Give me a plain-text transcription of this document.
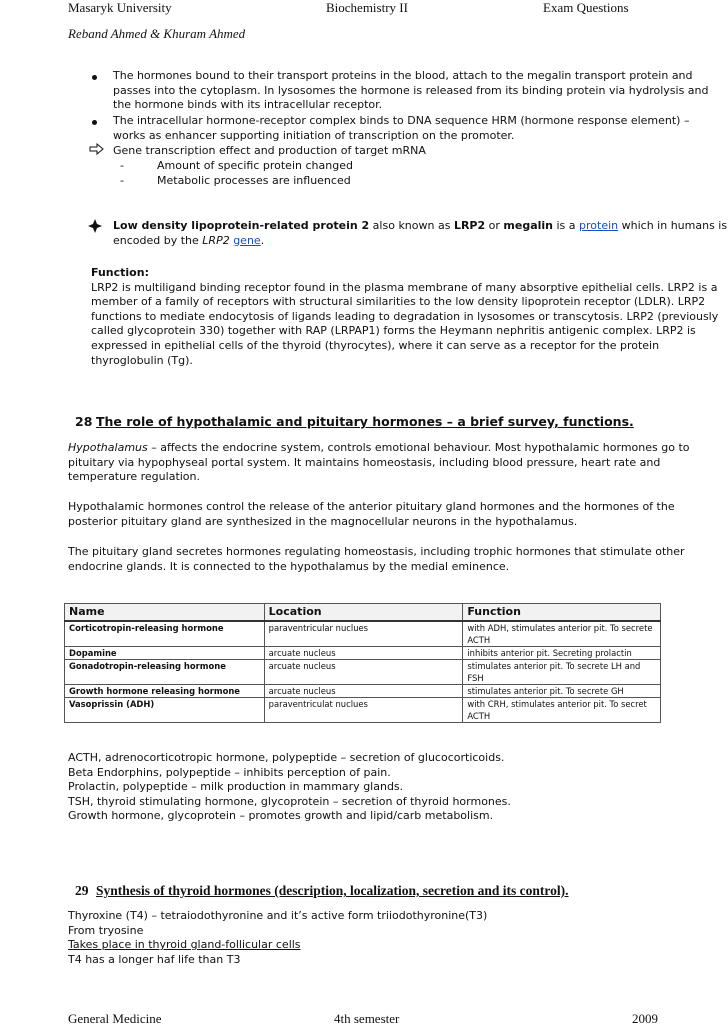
Masaryk University	Biochemistry II	Exam Questions
Reband Ahmed & Khuram Ahmed
The hormones bound to their transport proteins in the blood, attach to the megalin transport protein and
passes into the cytoplasm. In lysosomes the hormone is released from its binding protein via hydrolysis and
the hormone binds with its intracellular receptor.
The intracellular hormone-receptor complex binds to DNA sequence HRM (hormone response element) –
works as enhancer supporting initiation of transcription on the promoter.
Gene transcription effect and production of target mRNA
-	Amount of specific protein changed
-	Metabolic processes are influenced
Low density lipoprotein-related protein 2 also known as LRP2 or megalin is a protein which in humans is
encoded by the LRP2 gene.
Function:
LRP2 is multiligand binding receptor found in the plasma membrane of many absorptive epithelial cells. LRP2 is a
member of a family of receptors with structural similarities to the low density lipoprotein receptor (LDLR). LRP2
functions to mediate endocytosis of ligands leading to degradation in lysosomes or transcytosis. LRP2 (previously
called glycoprotein 330) together with RAP (LRPAP1) forms the Heymann nephritis antigenic complex. LRP2 is
expressed in epithelial cells of the thyroid (thyrocytes), where it can serve as a receptor for the protein
thyroglobulin (Tg).
28 The role of hypothalamic and pituitary hormones – a brief survey, functions.
Hypothalamus – affects the endocrine system, controls emotional behaviour. Most hypothalamic hormones go to
pituitary via hypophyseal portal system. It maintains homeostasis, including blood pressure, heart rate and
temperature regulation.
Hypothalamic hormones control the release of the anterior pituitary gland hormones and the hormones of the
posterior pituitary gland are synthesized in the magnocellular neurons in the hypothalamus.
The pituitary gland secretes hormones regulating homeostasis, including trophic hormones that stimulate other
endocrine glands. It is connected to the hypothalamus by the medial eminence.
Name	Location	Function
Corticotropin-releasing hormone	paraventricular nuclues	with ADH, stimulates anterior pit. To secrete ACTH
Dopamine	arcuate nucleus	inhibits anterior pit. Secreting prolactin
Gonadotropin-releasing hormone	arcuate nucleus	stimulates anterior pit. To secrete LH and FSH
Growth hormone releasing hormone	arcuate nucleus	stimulates anterior pit. To secrete GH
Vasoprissin (ADH)	paraventriculat nuclues	with CRH, stimulates anterior pit. To secret ACTH
ACTH, adrenocorticotropic hormone, polypeptide – secretion of glucocorticoids.
Beta Endorphins, polypeptide – inhibits perception of pain.
Prolactin, polypeptide – milk production in mammary glands.
TSH, thyroid stimulating hormone, glycoprotein – secretion of thyroid hormones.
Growth hormone, glycoprotein – promotes growth and lipid/carb metabolism.
29 Synthesis of thyroid hormones (description, localization, secretion and its control).
Thyroxine (T4) – tetraiodothyronine and it’s active form triiodothyronine(T3)
From tryosine
Takes place in thyroid gland-follicular cells
T4 has a longer haf life than T3
General Medicine	4th semester	2009
